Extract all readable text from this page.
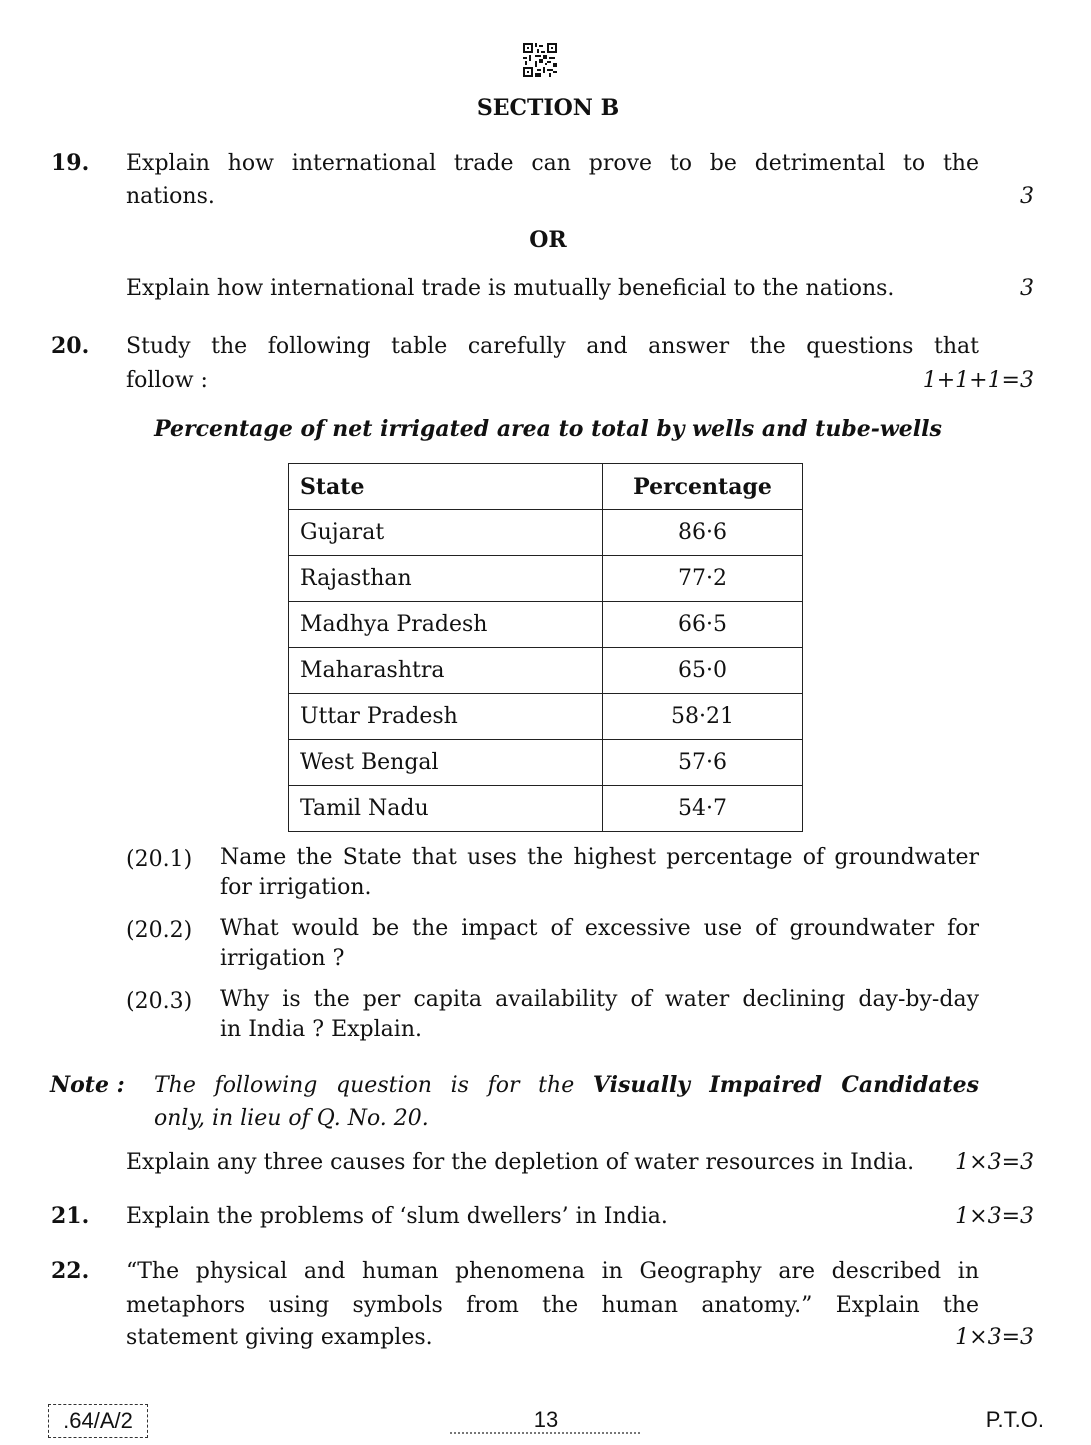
SECTION B
19. Explain how international trade can prove to be detrimental to the
nations.	3
OR
Explain how international trade is mutually beneficial to the nations.	3
20. Study the following table carefully and answer the questions that
follow :	1+1+1=3
Percentage of net irrigated area to total by wells and tube-wells
State	Percentage
Gujarat	86·6
Rajasthan	77·2
Madhya Pradesh	66·5
Maharashtra	65·0
Uttar Pradesh	58·21
West Bengal	57·6
Tamil Nadu	54·7
(20.1) Name the State that uses the highest percentage of groundwater
for irrigation.
(20.2) What would be the impact of excessive use of groundwater for
irrigation ?
(20.3) Why is the per capita availability of water declining day-by-day
in India ? Explain.
Note : The following question is for the Visually Impaired Candidates
only, in lieu of Q. No. 20.
Explain any three causes for the depletion of water resources in India.	1×3=3
21. Explain the problems of ‘slum dwellers’ in India.	1×3=3
22. “The physical and human phenomena in Geography are described in
metaphors using symbols from the human anatomy.” Explain the
statement giving examples.	1×3=3
.64/A/2	13	P.T.O.
